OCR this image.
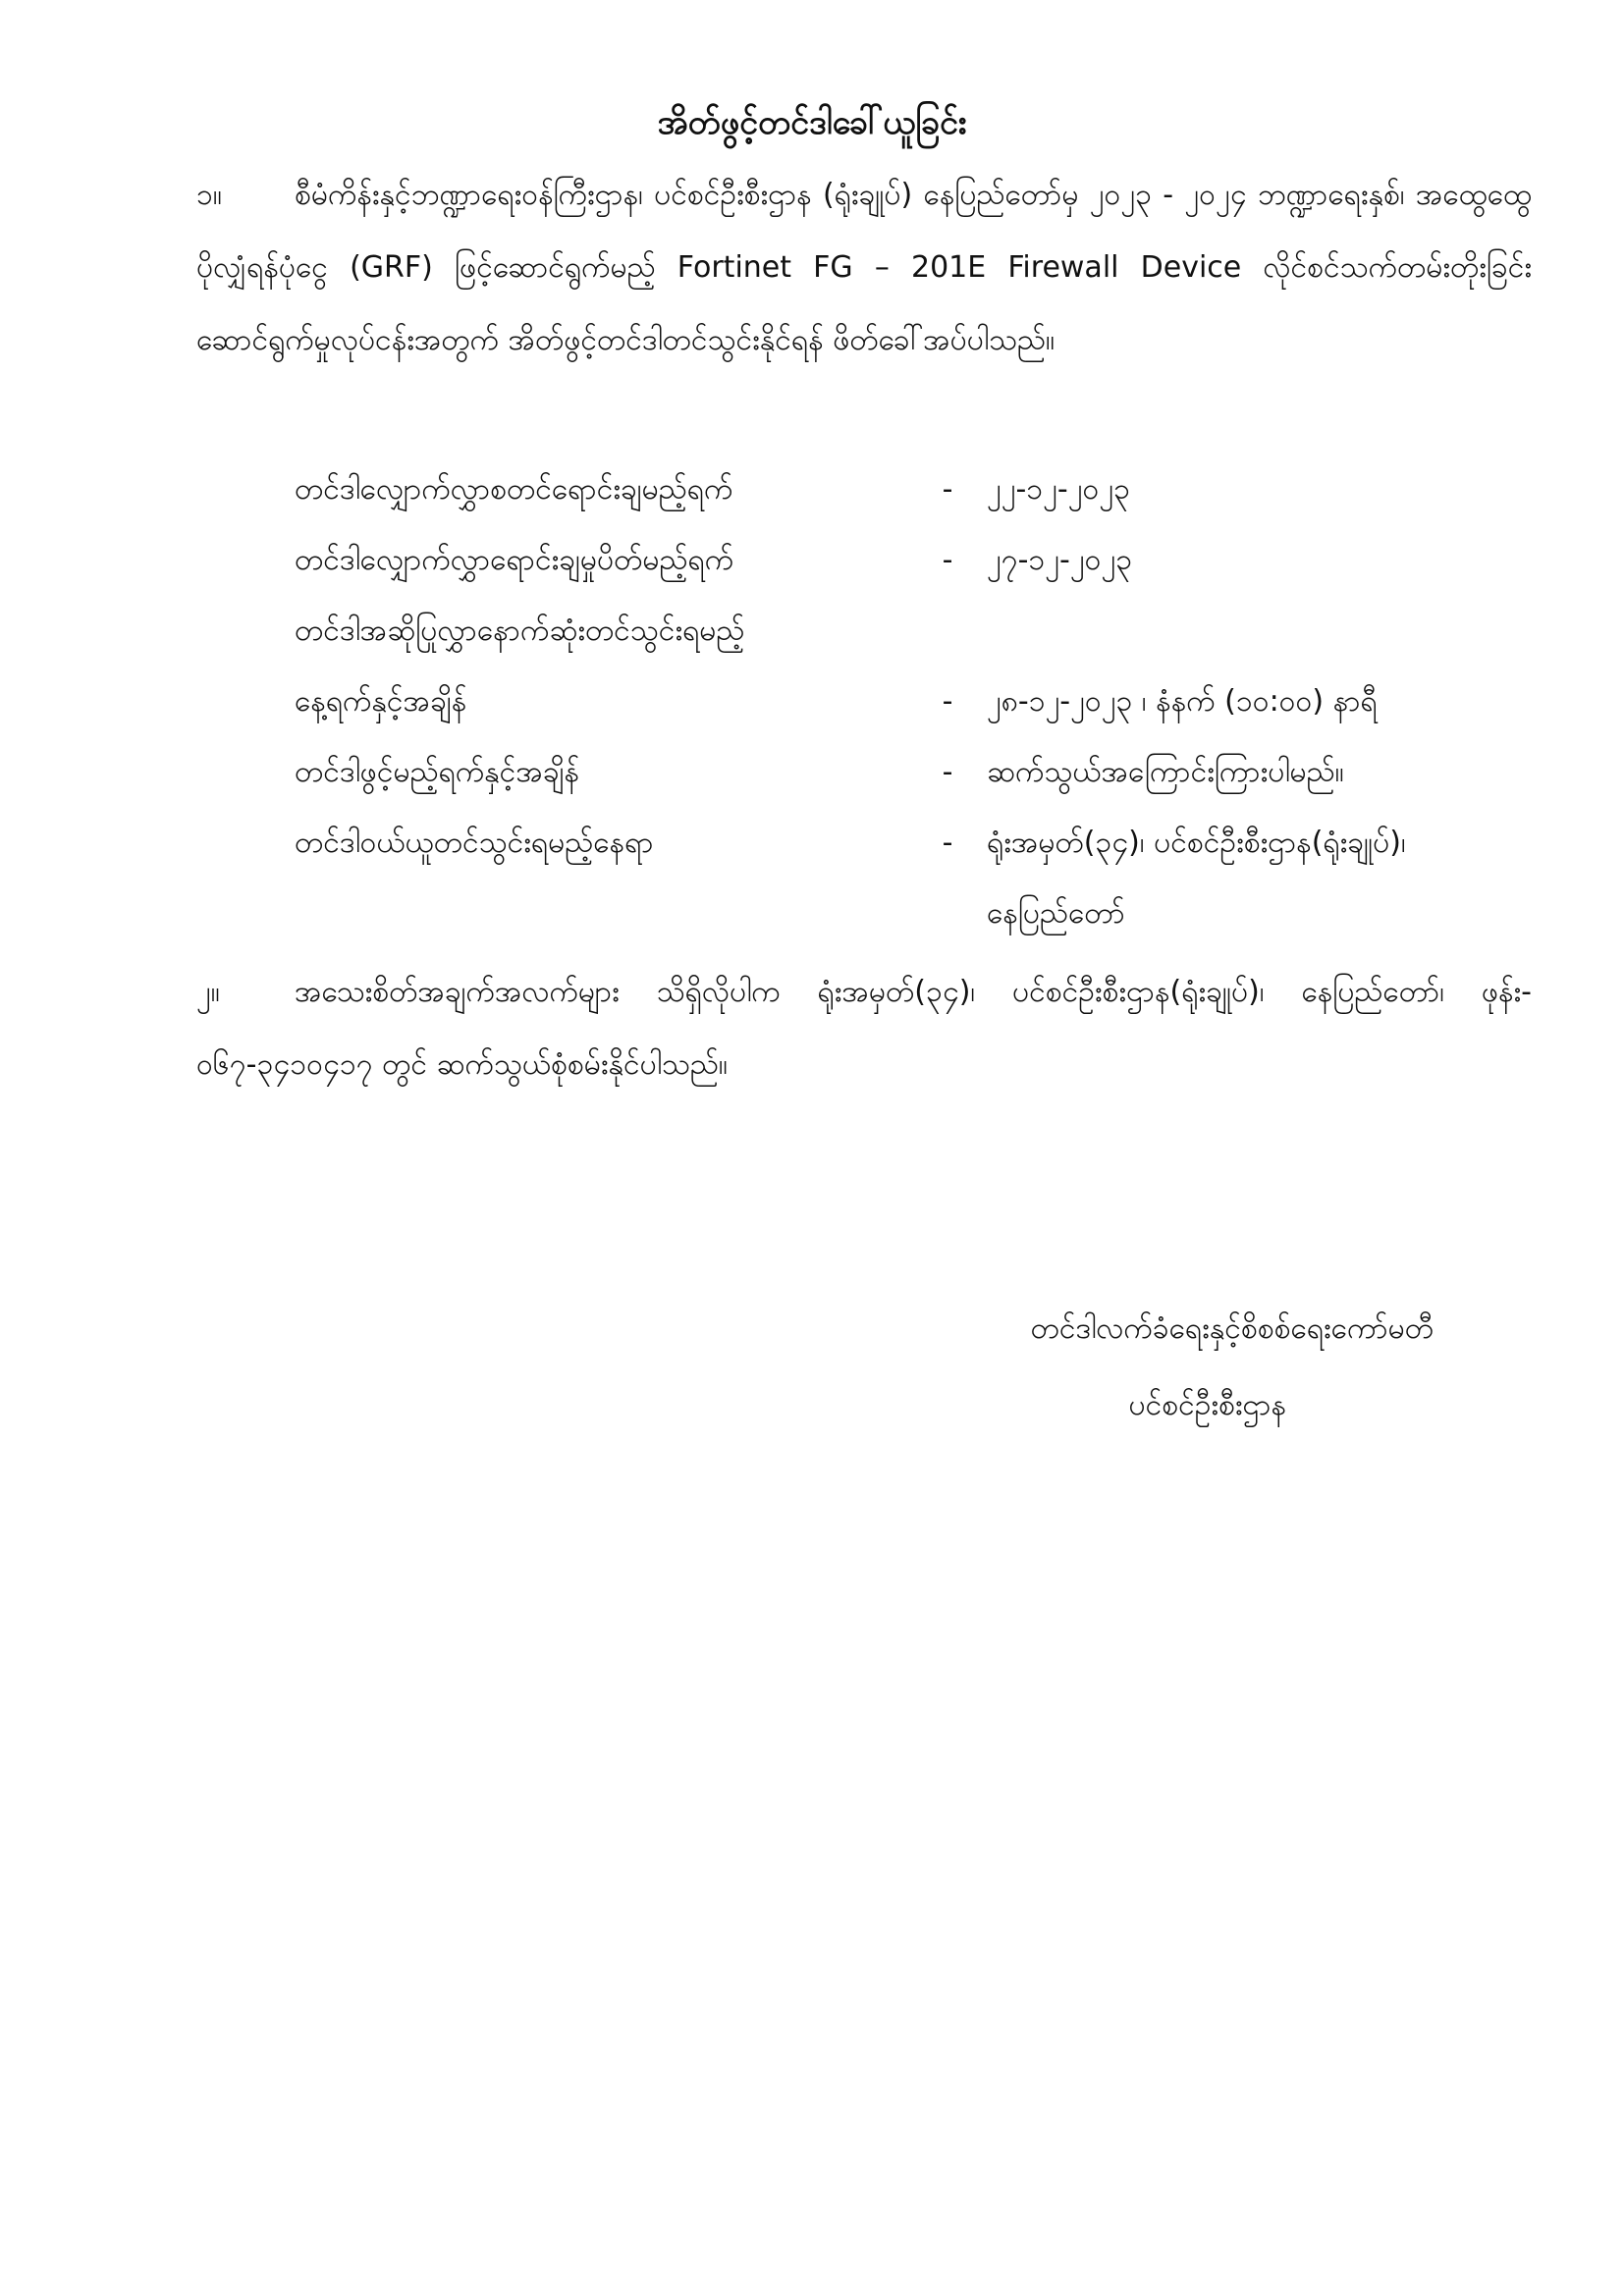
အိတ်ဖွင့်တင်ဒါခေါ်ယူခြင်း
၁။ စီမံကိန်းနှင့်ဘဏ္ဍာရေးဝန်ကြီးဌာန၊ ပင်စင်ဦးစီးဌာန (ရုံးချုပ်) နေပြည်တော်မှ ၂၀၂၃ - ၂၀၂၄ ဘဏ္ဍာရေးနှစ်၊ အထွေထွေပိုလျှံရန်ပုံငွေ (GRF) ဖြင့်ဆောင်ရွက်မည့် Fortinet FG – 201E Firewall Device လိုင်စင်သက်တမ်းတိုးခြင်း ဆောင်ရွက်မှုလုပ်ငန်းအတွက် အိတ်ဖွင့်တင်ဒါတင်သွင်းနိုင်ရန် ဖိတ်ခေါ်အပ်ပါသည်။
တင်ဒါလျှောက်လွှာစတင်ရောင်းချမည့်ရက်	-	၂၂-၁၂-၂၀၂၃
တင်ဒါလျှောက်လွှာရောင်းချမှုပိတ်မည့်ရက်	-	၂၇-၁၂-၂၀၂၃
တင်ဒါအဆိုပြုလွှာနောက်ဆုံးတင်သွင်းရမည့်
နေ့ရက်နှင့်အချိန်	-	၂၈-၁၂-၂၀၂၃ ၊ နံနက် (၁၀:၀၀) နာရီ
တင်ဒါဖွင့်မည့်ရက်နှင့်အချိန်	-	ဆက်သွယ်အကြောင်းကြားပါမည်။
တင်ဒါဝယ်ယူတင်သွင်းရမည့်နေရာ	-	ရုံးအမှတ်(၃၄)၊ ပင်စင်ဦးစီးဌာန(ရုံးချုပ်)၊ နေပြည်တော်
၂။	အသေးစိတ်အချက်အလက်များ သိရှိလိုပါက ရုံးအမှတ်(၃၄)၊ ပင်စင်ဦးစီးဌာန(ရုံးချုပ်)၊ နေပြည်တော်၊ ဖုန်း- ၀၆၇-၃၄၁၀၄၁၇ တွင် ဆက်သွယ်စုံစမ်းနိုင်ပါသည်။
တင်ဒါလက်ခံရေးနှင့်စိစစ်ရေးကော်မတီ
ပင်စင်ဦးစီးဌာန
